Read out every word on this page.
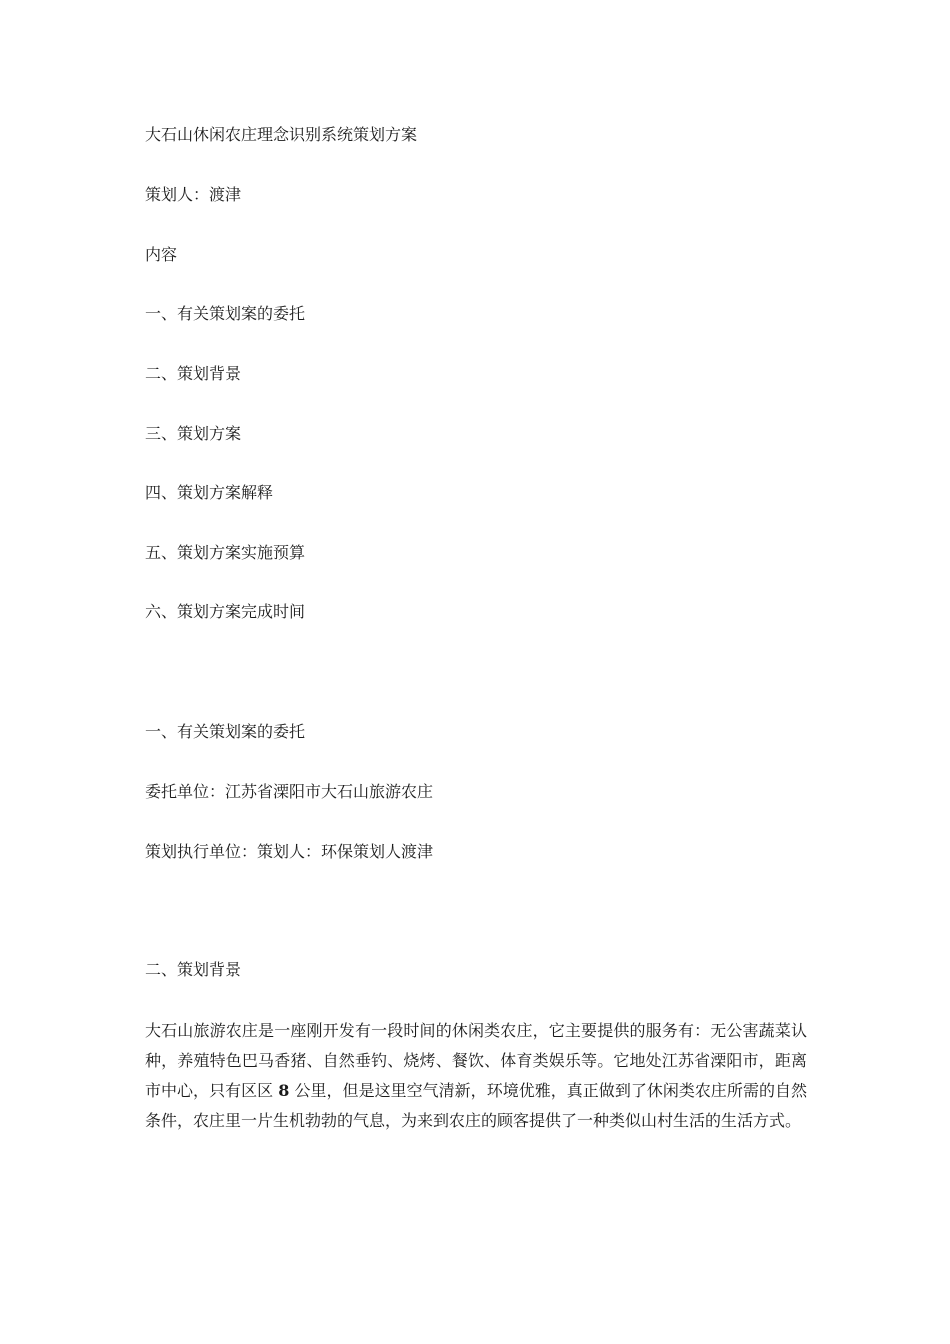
大石山休闲农庄理念识别系统策划方案
策划人：渡津
内容
一、有关策划案的委托
二、策划背景
三、策划方案
四、策划方案解释
五、策划方案实施预算
六、策划方案完成时间
一、有关策划案的委托
委托单位：江苏省溧阳市大石山旅游农庄
策划执行单位：策划人：环保策划人渡津
二、策划背景
大石山旅游农庄是一座刚开发有一段时间的休闲类农庄，它主要提供的服务有：无公害蔬菜认种，养殖特色巴马香猪、自然垂钓、烧烤、餐饮、体育类娱乐等。它地处江苏省溧阳市，距离市中心，只有区区 8 公里，但是这里空气清新，环境优雅，真正做到了休闲类农庄所需的自然条件，农庄里一片生机勃勃的气息，为来到农庄的顾客提供了一种类似山村生活的生活方式。
